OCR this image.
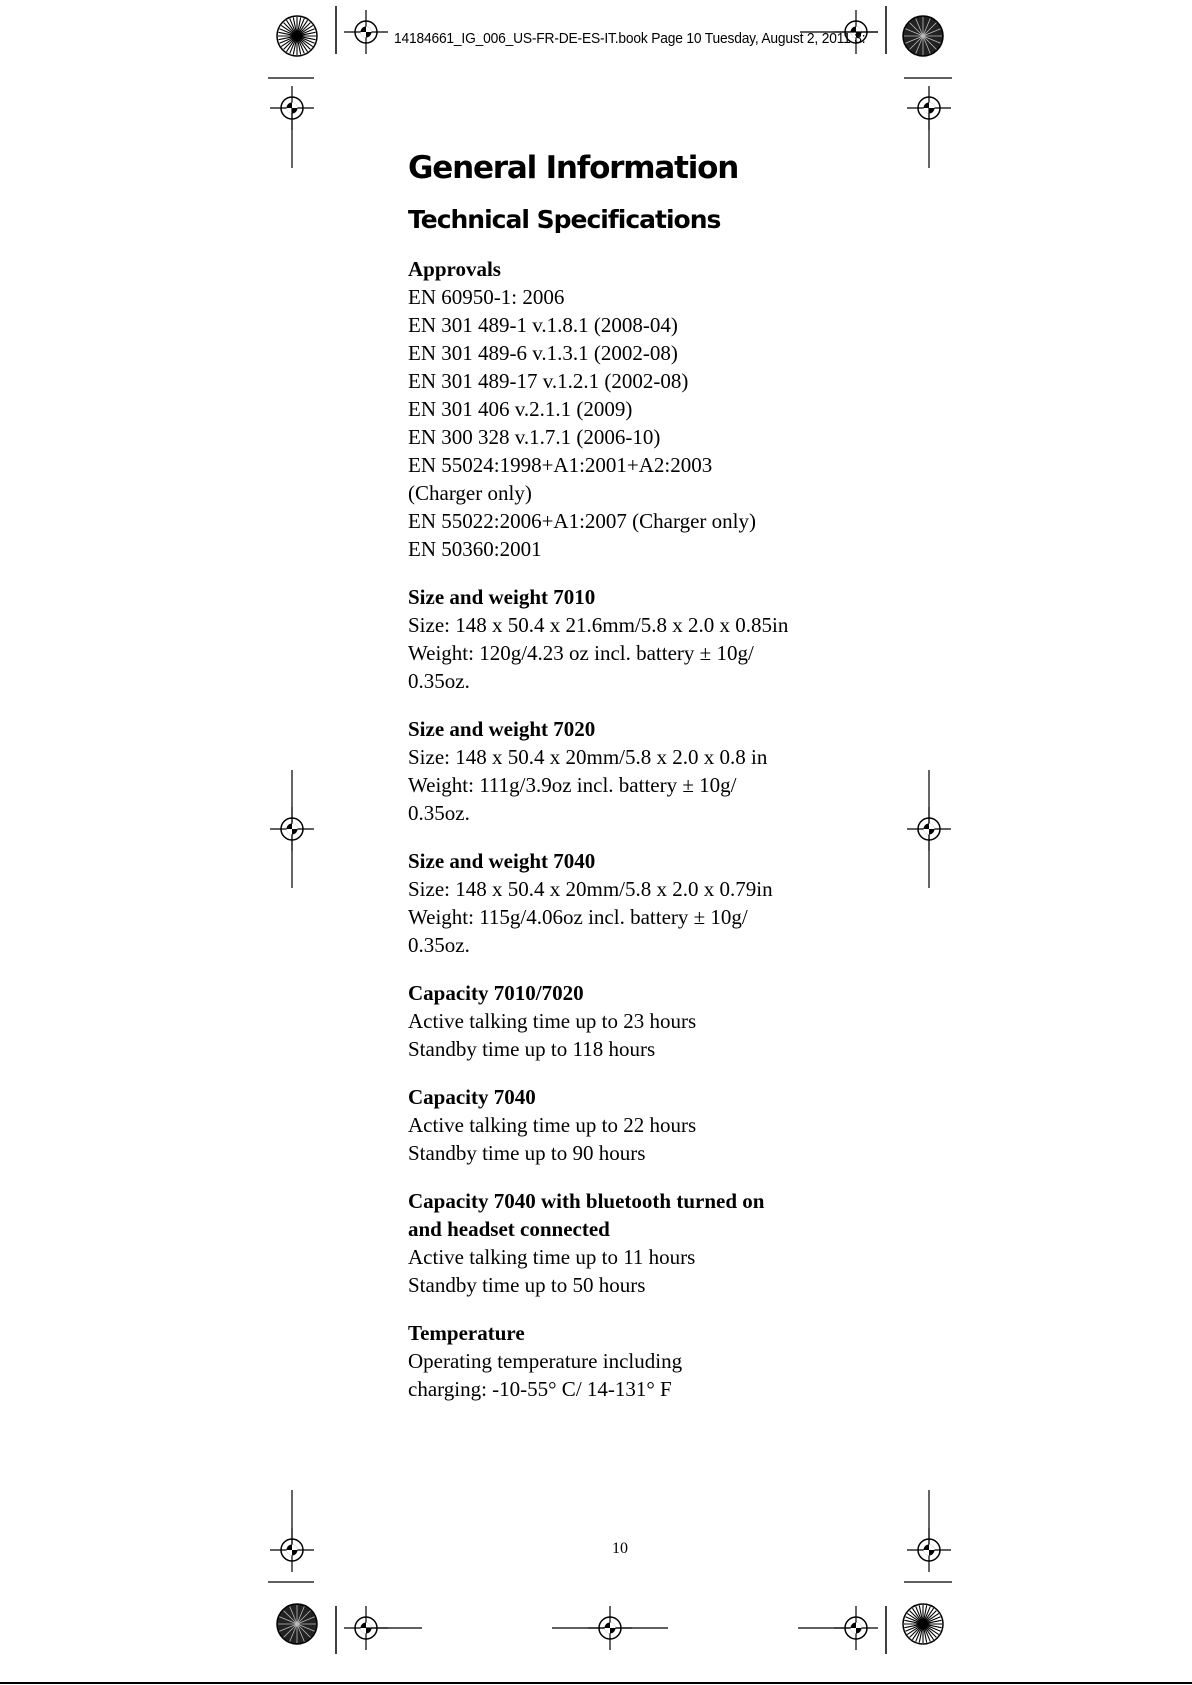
14184661_IG_006_US-FR-DE-ES-IT.book Page 10 Tuesday, August 2, 2011 3:
General Information
Technical Specifications
Approvals
EN 60950-1: 2006
EN 301 489-1 v.1.8.1 (2008-04)
EN 301 489-6 v.1.3.1 (2002-08)
EN 301 489-17 v.1.2.1 (2002-08)
EN 301 406 v.2.1.1 (2009)
EN 300 328 v.1.7.1 (2006-10)
EN 55024:1998+A1:2001+A2:2003
(Charger only)
EN 55022:2006+A1:2007 (Charger only)
EN 50360:2001
Size and weight 7010
Size: 148 x 50.4 x 21.6mm/5.8 x 2.0 x 0.85in
Weight: 120g/4.23 oz incl. battery ± 10g/
0.35oz.
Size and weight 7020
Size: 148 x 50.4 x 20mm/5.8 x 2.0 x 0.8 in
Weight: 111g/3.9oz incl. battery ± 10g/
0.35oz.
Size and weight 7040
Size: 148 x 50.4 x 20mm/5.8 x 2.0 x 0.79in
Weight: 115g/4.06oz incl. battery ± 10g/
0.35oz.
Capacity 7010/7020
Active talking time up to 23 hours
Standby time up to 118 hours
Capacity 7040
Active talking time up to 22 hours
Standby time up to 90 hours
Capacity 7040 with bluetooth turned on
and headset connected
Active talking time up to 11 hours
Standby time up to 50 hours
Temperature
Operating temperature including
charging: -10-55° C/ 14-131° F
10
